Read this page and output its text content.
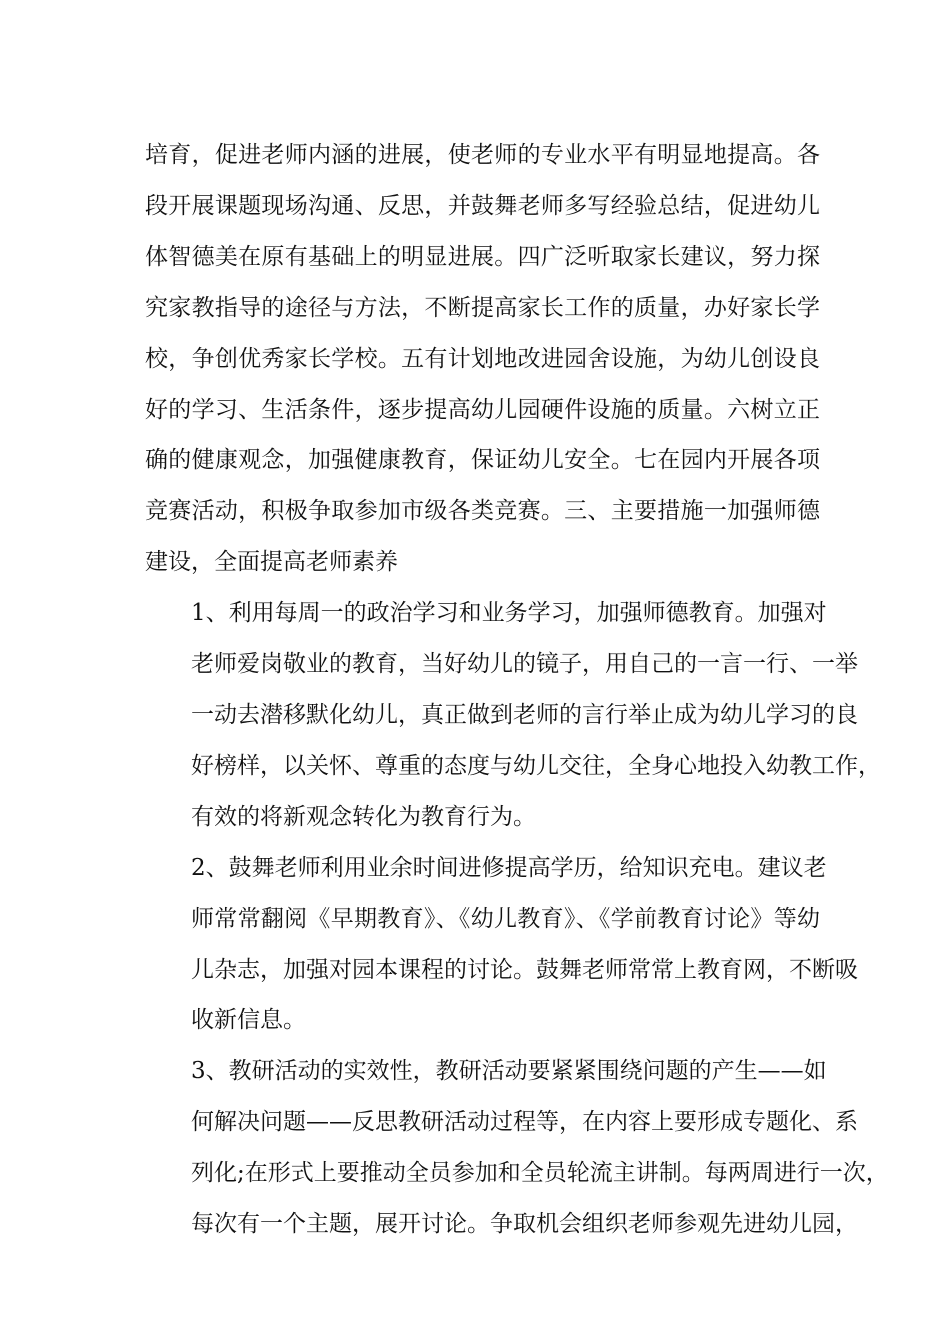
培育，促进老师内涵的进展，使老师的专业水平有明显地提高。各
段开展课题现场沟通、反思，并鼓舞老师多写经验总结，促进幼儿
体智德美在原有基础上的明显进展。四广泛听取家长建议，努力探
究家教指导的途径与方法，不断提高家长工作的质量，办好家长学
校，争创优秀家长学校。五有计划地改进园舍设施，为幼儿创设良
好的学习、生活条件，逐步提高幼儿园硬件设施的质量。六树立正
确的健康观念，加强健康教育，保证幼儿安全。七在园内开展各项
竞赛活动，积极争取参加市级各类竞赛。三、主要措施一加强师德
建设，全面提高老师素养

1、利用每周一的政治学习和业务学习，加强师德教育。加强对
老师爱岗敬业的教育，当好幼儿的镜子，用自己的一言一行、一举
一动去潜移默化幼儿，真正做到老师的言行举止成为幼儿学习的良
好榜样，以关怀、尊重的态度与幼儿交往，全身心地投入幼教工作，
有效的将新观念转化为教育行为。

2、鼓舞老师利用业余时间进修提高学历，给知识充电。建议老
师常常翻阅《早期教育》、《幼儿教育》、《学前教育讨论》等幼
儿杂志，加强对园本课程的讨论。鼓舞老师常常上教育网，不断吸
收新信息。

3、教研活动的实效性，教研活动要紧紧围绕问题的产生——如
何解决问题——反思教研活动过程等，在内容上要形成专题化、系
列化;在形式上要推动全员参加和全员轮流主讲制。每两周进行一次，
每次有一个主题，展开讨论。争取机会组织老师参观先进幼儿园，
